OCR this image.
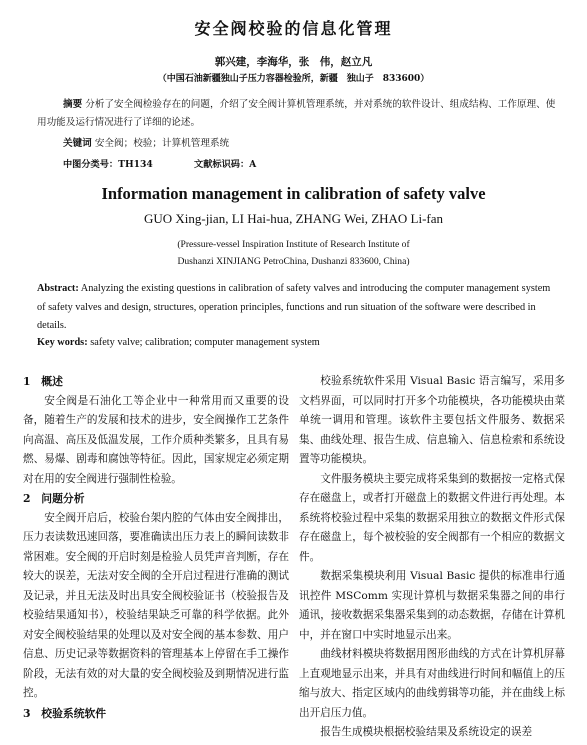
安全阀校验的信息化管理
郭兴建，李海华，张　伟，赵立凡
（中国石油新疆独山子压力容器检验所，新疆　独山子　833600）
摘要 分析了安全阀检验存在的问题，介绍了安全阀计算机管理系统，并对系统的软件设计、组成结构、工作原理、使用功能及运行情况进行了详细的论述。
关键词 安全阀；校验；计算机管理系统
中图分类号：TH134	文献标识码：A
Information management in calibration of safety valve
GUO Xing-jian, LI Hai-hua, ZHANG Wei, ZHAO Li-fan
(Pressure-vessel Inspiration Institute of Research Institute of
Dushanzi XINJIANG PetroChina, Dushanzi 833600, China)
Abstract: Analyzing the existing questions in calibration of safety valves and introducing the computer management system of safety valves and design, structures, operation principles, functions and run situation of the software were described in details.
Key words: safety valve; calibration; computer management system
1　概述

安全阀是石油化工等企业中一种常用而又重要的设备，随着生产的发展和技术的进步，安全阀操作工艺条件向高温、高压及低温发展，工作介质种类繁多，且具有易燃、易爆、剧毒和腐蚀等特征。因此，国家规定必须定期对在用的安全阀进行强制性检验。

2　问题分析

安全阀开启后，校验台架内腔的气体由安全阀排出，压力表读数迅速回落，要准确读出压力表上的瞬间读数非常困难。安全阀的开启时刻是检验人员凭声音判断，存在较大的误差，无法对安全阀的全开启过程进行准确的测试及记录，并且无法及时出具安全阀校验证书（校验报告及校验结果通知书），校验结果缺乏可靠的科学依据。此外对安全阀校验结果的处理以及对安全阀的基本参数、用户信息、历史记录等数据资料的管理基本上停留在手工操作阶段，无法有效的对大量的安全阀校验及到期情况进行监控。

3　校验系统软件

校验系统软件采用 Visual Basic 语言编写，采用多文档界面，可以同时打开多个功能模块，各功能模块由菜单统一调用和管理。该软件主要包括文件服务、数据采集、曲线处理、报告生成、信息输入、信息检索和系统设置等功能模块。

文件服务模块主要完成将采集到的数据按一定格式保存在磁盘上，或者打开磁盘上的数据文件进行再处理。本系统将校验过程中采集的数据采用独立的数据文件形式保存在磁盘上，每个被校验的安全阀都有一个相应的数据文件。

数据采集模块利用 Visual Basic 提供的标准串行通讯控件 MSComm 实现计算机与数据采集器之间的串行通讯，接收数据采集器采集到的动态数据，存储在计算机中，并在窗口中实时地显示出来。

曲线材料模块将数据用图形曲线的方式在计算机屏幕上直观地显示出来，并具有对曲线进行时间和幅值上的压缩与放大、指定区域内的曲线剪辑等功能，并在曲线上标出开启压力值。

报告生成模块根据校验结果及系统设定的误差
